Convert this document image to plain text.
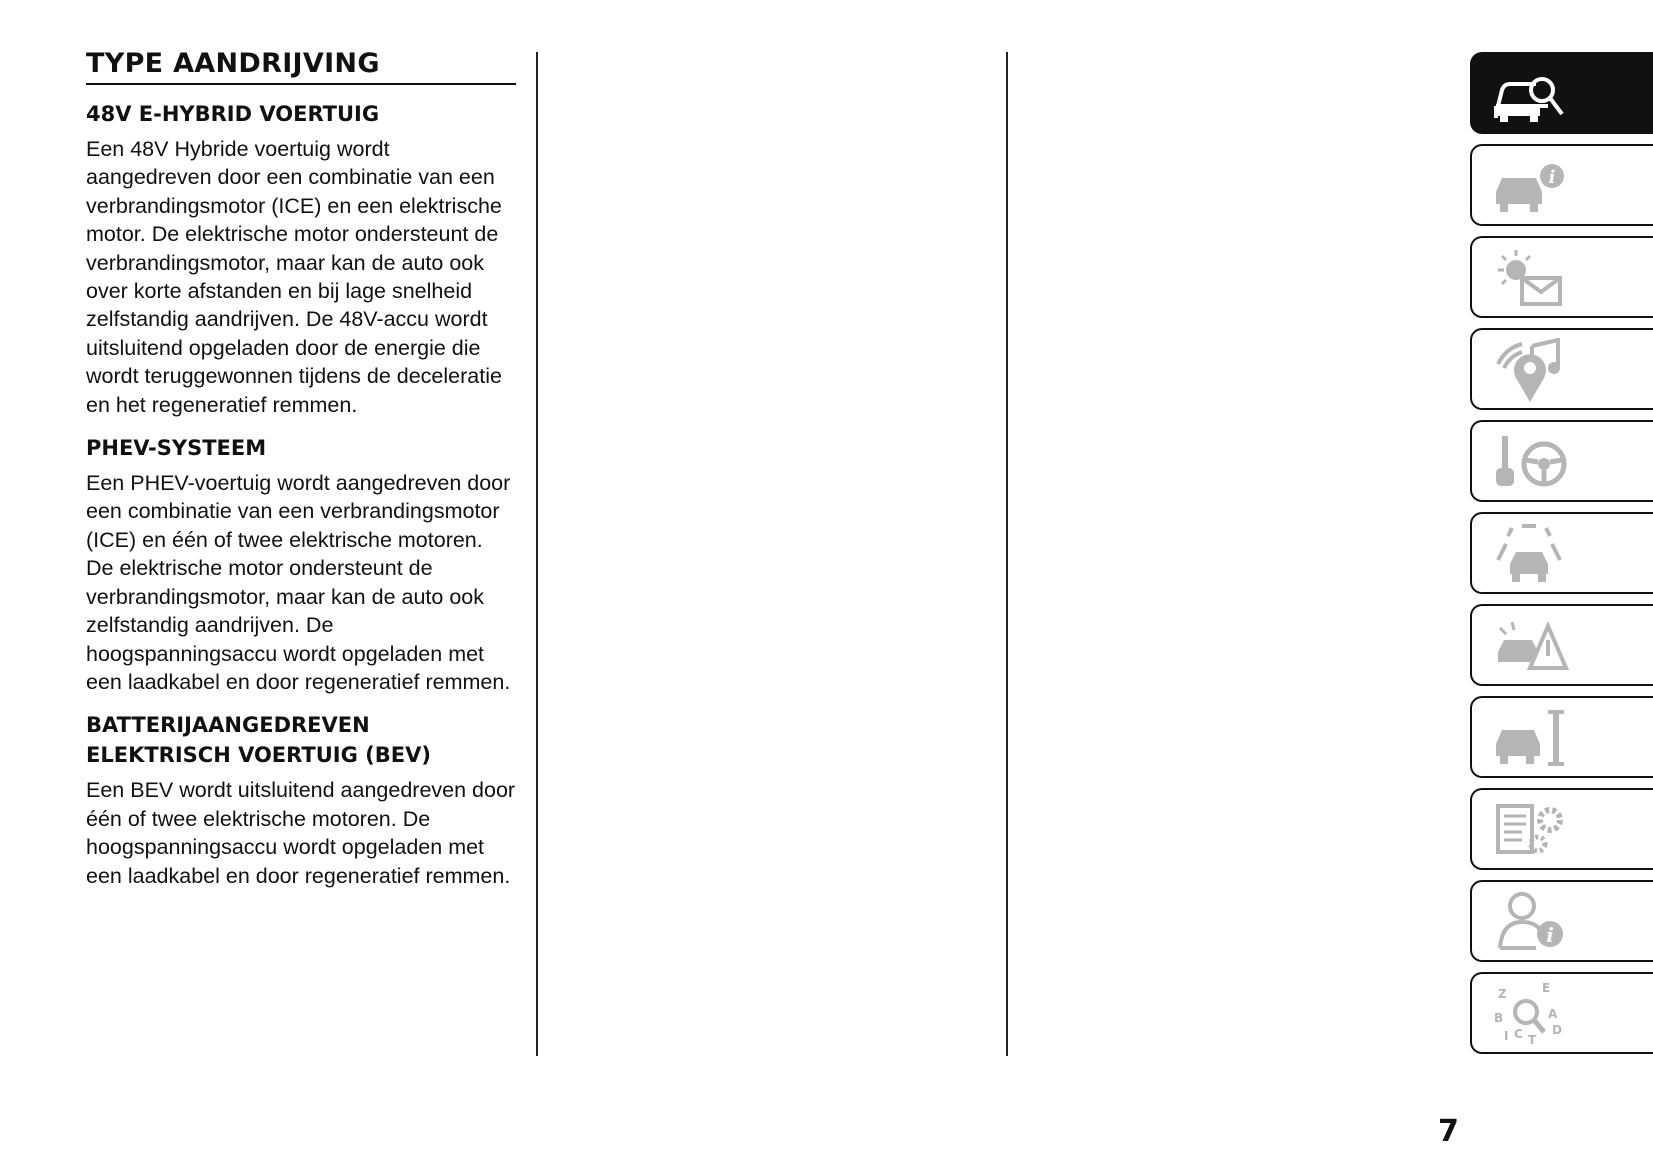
TYPE AANDRIJVING
48V E-HYBRID VOERTUIG

Een 48V Hybride voertuig wordt aangedreven door een combinatie van een verbrandingsmotor (ICE) en een elektrische motor. De elektrische motor ondersteunt de verbrandingsmotor, maar kan de auto ook over korte afstanden en bij lage snelheid zelfstandig aandrijven. De 48V-accu wordt uitsluitend opgeladen door de energie die wordt teruggewonnen tijdens de deceleratie en het regeneratief remmen.

PHEV-SYSTEEM

Een PHEV-voertuig wordt aangedreven door een combinatie van een verbrandingsmotor (ICE) en één of twee elektrische motoren. De elektrische motor ondersteunt de verbrandingsmotor, maar kan de auto ook zelfstandig aandrijven. De hoogspanningsaccu wordt opgeladen met een laadkabel en door regeneratief remmen.

BATTERIJAANGEDREVEN ELEKTRISCH VOERTUIG (BEV)

Een BEV wordt uitsluitend aangedreven door één of twee elektrische motoren. De hoogspanningsaccu wordt opgeladen met een laadkabel en door regeneratief remmen.

i
i
Z	E
B	A
I C T
D
7
